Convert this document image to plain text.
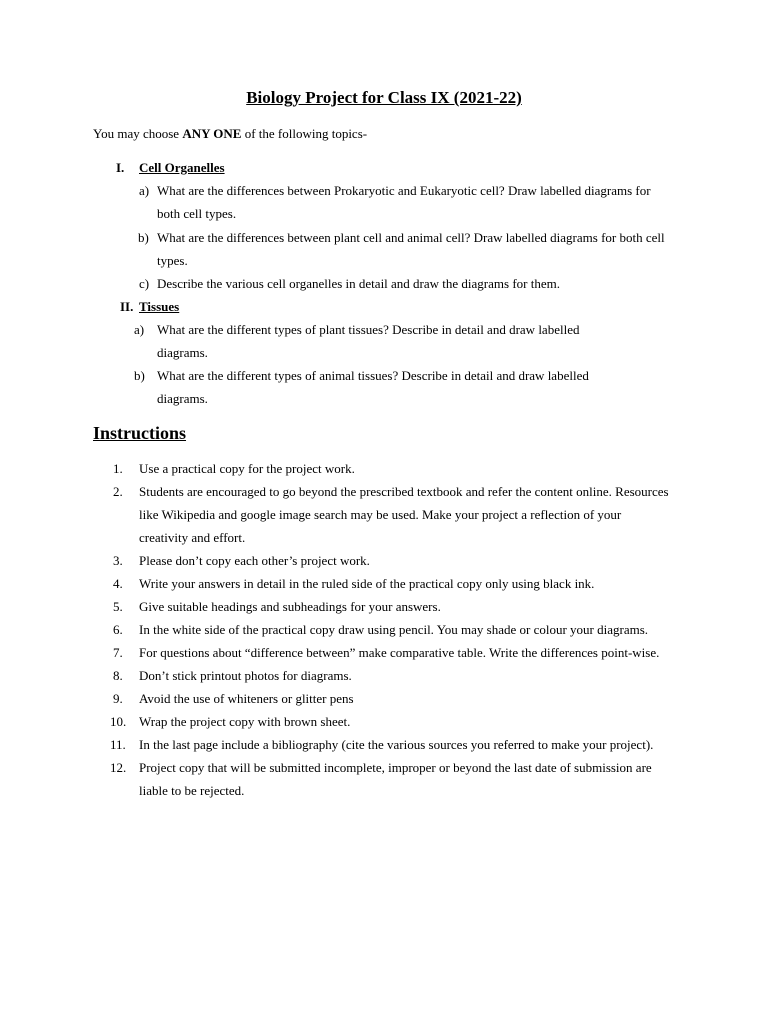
Biology Project for Class IX (2021-22)
You may choose ANY ONE of the following topics-
I. Cell Organelles
a) What are the differences between Prokaryotic and Eukaryotic cell? Draw labelled diagrams for both cell types.
b) What are the differences between plant cell and animal cell? Draw labelled diagrams for both cell types.
c) Describe the various cell organelles in detail and draw the diagrams for them.
II. Tissues
a) What are the different types of plant tissues? Describe in detail and draw labelled diagrams.
b) What are the different types of animal tissues? Describe in detail and draw labelled diagrams.
Instructions
1.	Use a practical copy for the project work.
2.	Students are encouraged to go beyond the prescribed textbook and refer the content online. Resources like Wikipedia and google image search may be used. Make your project a reflection of your creativity and effort.
3.	Please don’t copy each other’s project work.
4.	Write your answers in detail in the ruled side of the practical copy only using black ink.
5.	Give suitable headings and subheadings for your answers.
6.	In the white side of the practical copy draw using pencil. You may shade or colour your diagrams.
7.	For questions about “difference between” make comparative table. Write the differences point-wise.
8.	Don’t stick printout photos for diagrams.
9.	Avoid the use of whiteners or glitter pens
10. Wrap the project copy with brown sheet.
11.	In the last page include a bibliography (cite the various sources you referred to make your project).
12. Project copy that will be submitted incomplete, improper or beyond the last date of submission are liable to be rejected.
